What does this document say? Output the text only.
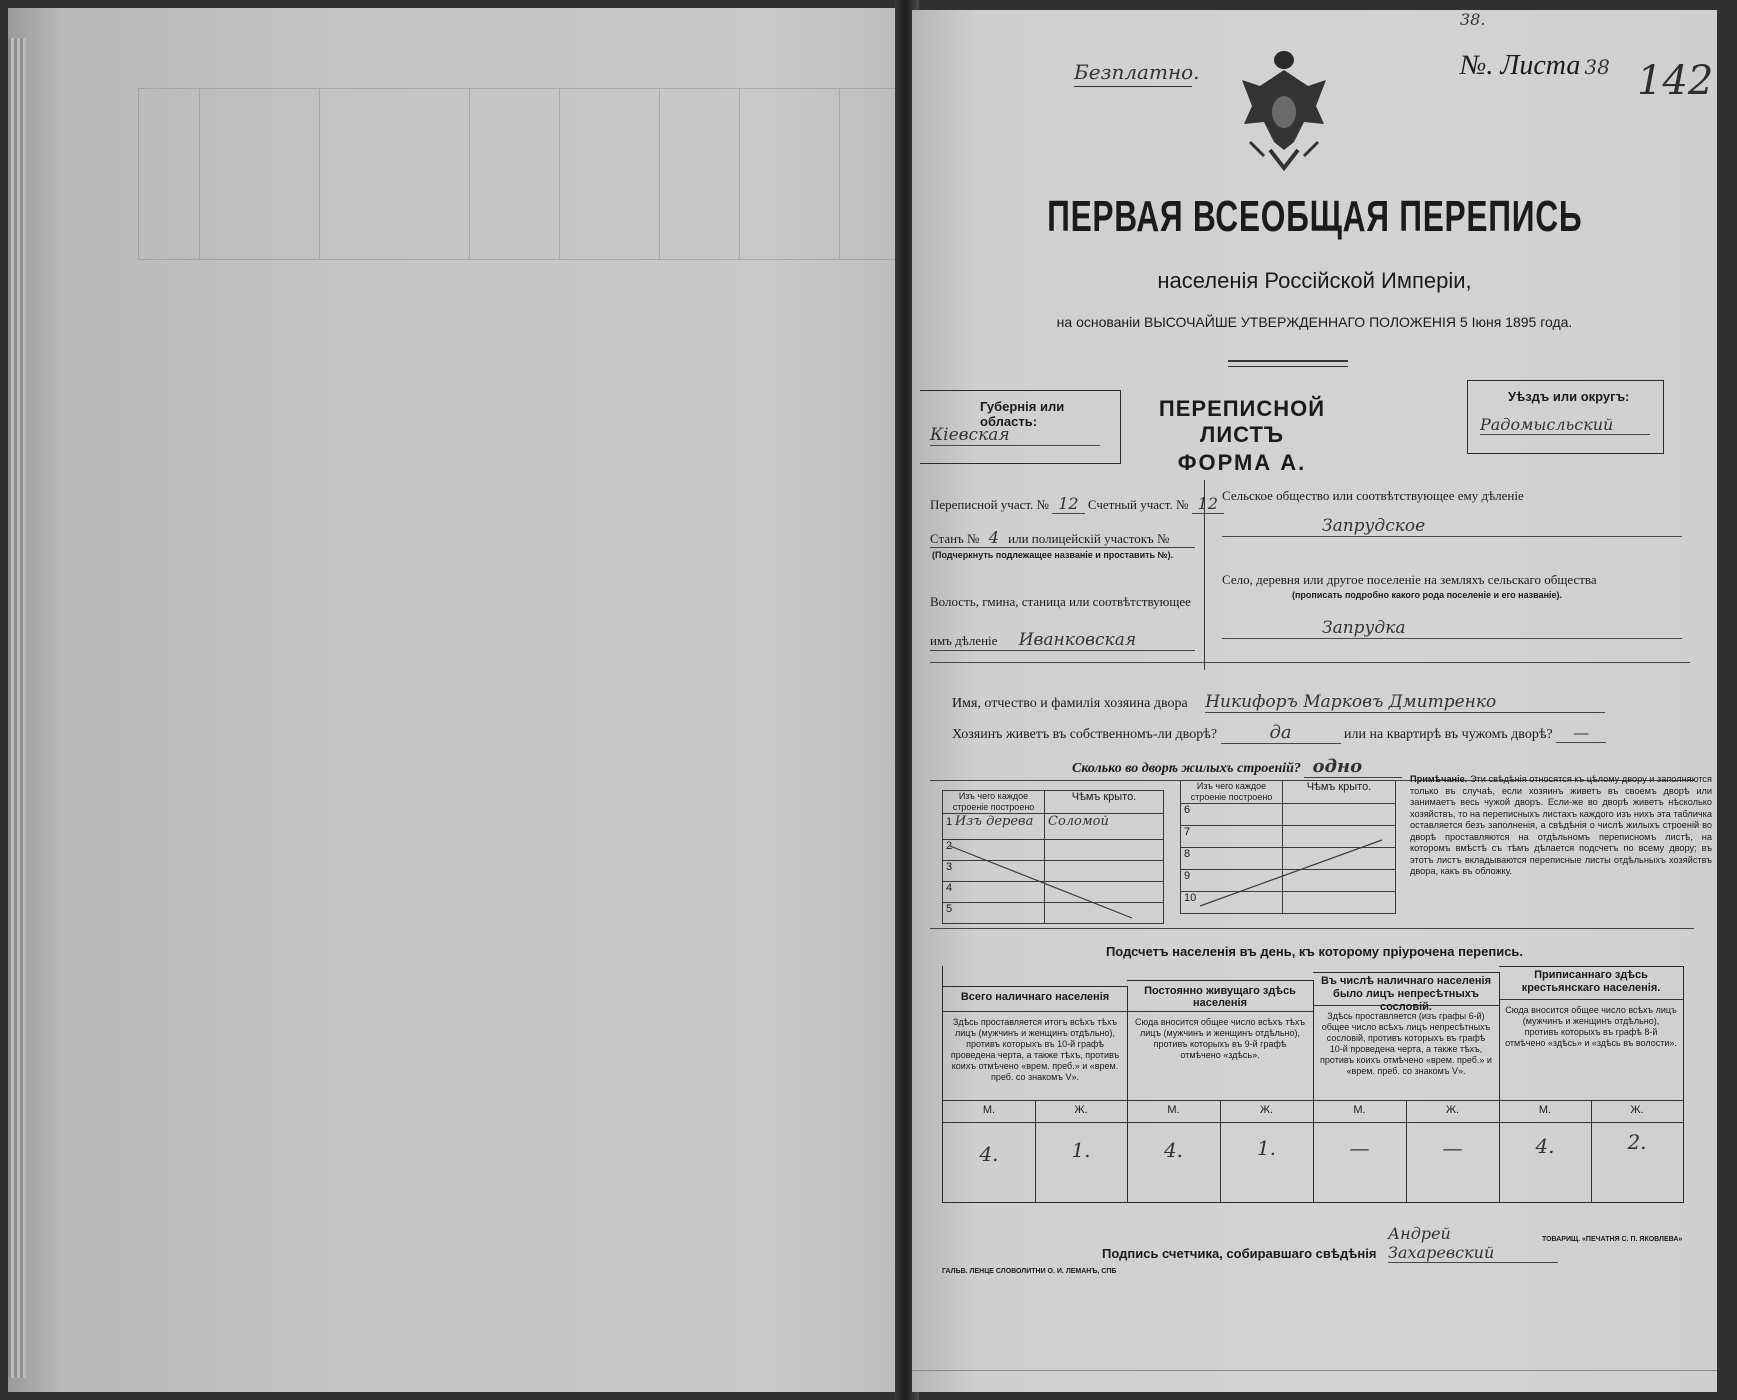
Безплатно.
38.
№. Листа 38 142
ПЕРВАЯ ВСЕОБЩАЯ ПЕРЕПИСЬ
населенія Россійской Имперіи,
на основаніи ВЫСОЧАЙШЕ УТВЕРЖДЕННАГО ПОЛОЖЕНІЯ 5 Іюня 1895 года.
Губернія или область:
Кіевская
ПЕРЕПИСНОЙ ЛИСТЪ
ФОРМА А.
Уѣздъ или округъ:
Радомысльский
Переписной участ. № 12 Счетный участ. № 12
Станъ № 4 или полицейскій участокъ №
(Подчеркнуть подлежащее названіе и проставить №).
Волость, гмина, станица или соотвѣтствующее
имъ дѣленіе Иванковская
Сельское общество или соотвѣтствующее ему дѣленіе
Запрудское
Село, деревня или другое поселеніе на земляхъ сельскаго общества
(прописать подробно какого рода поселеніе и его названіе).
Запрудка
Имя, отчество и фамилія хозяина двора Никифоръ Марковъ Дмитренко
Хозяинъ живетъ въ собственномъ-ли дворѣ?	да	или на квартирѣ въ чужомъ дворѣ? —
Сколько во дворѣ жилыхъ строеній? одно
Изъ чего каждое строеніе построено	Чѣмъ крыто.
1 Изъ дерева	Соломой
2	
3	
4	
5	
Изъ чего каждое строеніе построено	Чѣмъ крыто.
6	
7	
8	
9	
10	
Примѣчаніе. Эти свѣдѣнія относятся къ цѣлому двору и заполняются только въ случаѣ, если хозяинъ живетъ въ своемъ дворѣ или занимаетъ весь чужой дворъ. Если-же во дворѣ живетъ нѣсколько хозяйствъ, то на переписныхъ листахъ каждого изъ нихъ эта табличка оставляется безъ заполненія, а свѣдѣнія о числѣ жилыхъ строеній во дворѣ проставляются на отдѣльномъ переписномъ листѣ, на которомъ вмѣстѣ съ тѣмъ дѣлается подсчетъ по всему двору; въ этотъ листъ вкладываются переписные листы отдѣльныхъ хозяйствъ двора, какъ въ обложку.
Подсчетъ населенія въ день, къ которому пріурочена перепись.
Всего наличнаго населенія
Здѣсь проставляется итогъ всѣхъ тѣхъ лицъ (мужчинъ и женщинъ отдѣльно), противъ которыхъ въ 10-й графѣ проведена черта, а также тѣхъ, противъ коихъ отмѣчено «врем. преб.» и «врем. преб. со знакомъ V».
Постоянно живущаго здѣсь населенія
Сюда вносится общее число всѣхъ тѣхъ лицъ (мужчинъ и женщинъ отдѣльно), противъ которыхъ въ 9-й графѣ отмѣчено «здѣсь».
Въ числѣ наличнаго населенія было лицъ непресѣтныхъ сословій.
Здѣсь проставляется (изъ графы 6-й) общее число всѣхъ лицъ непресѣтныхъ сословій, противъ которыхъ въ графѣ 10-й проведена черта, а также тѣхъ, противъ коихъ отмѣчено «врем. преб.» и «врем. преб. со знакомъ V».
Приписаннаго здѣсь крестьянскаго населенія.
Сюда вносится общее число всѣхъ лицъ (мужчинъ и женщинъ отдѣльно), противъ которыхъ въ графѣ 8-й отмѣчено «здѣсь» и «здѣсь въ волости».
М.	Ж.	М.	Ж.	М.	Ж.	М.	Ж.
4.	1.	4.	1.	—	—	4.	2.
Подпись счетчика, собиравшаго свѣдѣнія Андрей Захаревский
ГАЛЬВ. ЛЕНЦЕ СЛОВОЛИТНИ О. И. ЛЕМАНЪ, СПБ
ТОВАРИЩ. «ПЕЧАТНЯ С. П. ЯКОВЛЕВА»
